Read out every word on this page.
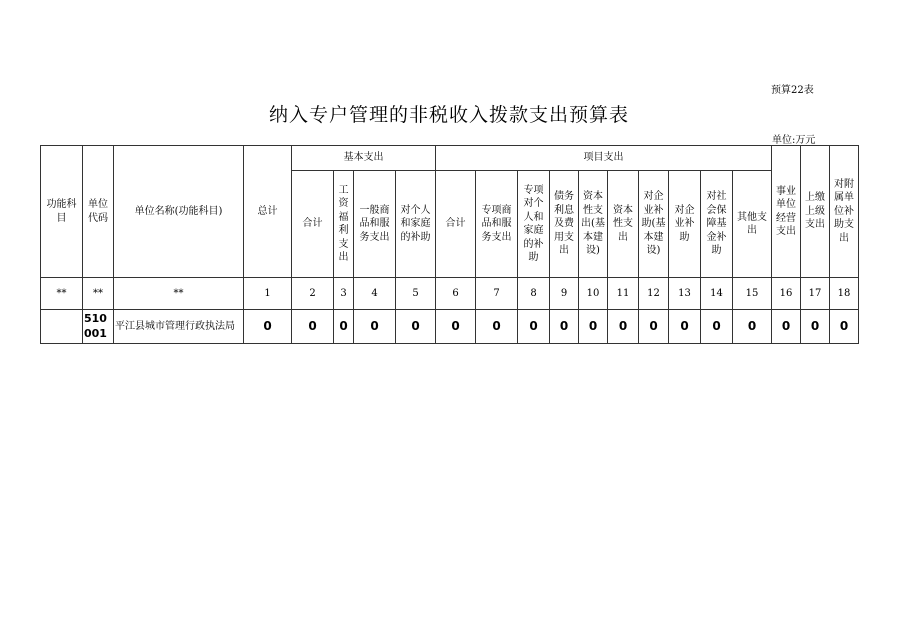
预算22表
纳入专户管理的非税收入拨款支出预算表
单位:万元
功能科目	单位代码	单位名称(功能科目)	总计	基本支出				项目支出										事业单位经营支出	上缴上级支出	对附属单位补助支出
				合计	工资福利支出	一般商品和服务支出	对个人和家庭的补助	合计	专项商品和服务支出	专项对个人和家庭的补助	债务利息及费用支出	资本性支出(基本建设)	资本性支出	对企业补助(基本建设)	对企业补助	对社会保障基金补助	其他支出			
**	**	**	1	2	3	4	5	6	7	8	9	10	11	12	13	14	15	16	17	18
	510001	平江县城市管理行政执法局	0	0	0	0	0	0	0	0	0	0	0	0	0	0	0	0	0	0
